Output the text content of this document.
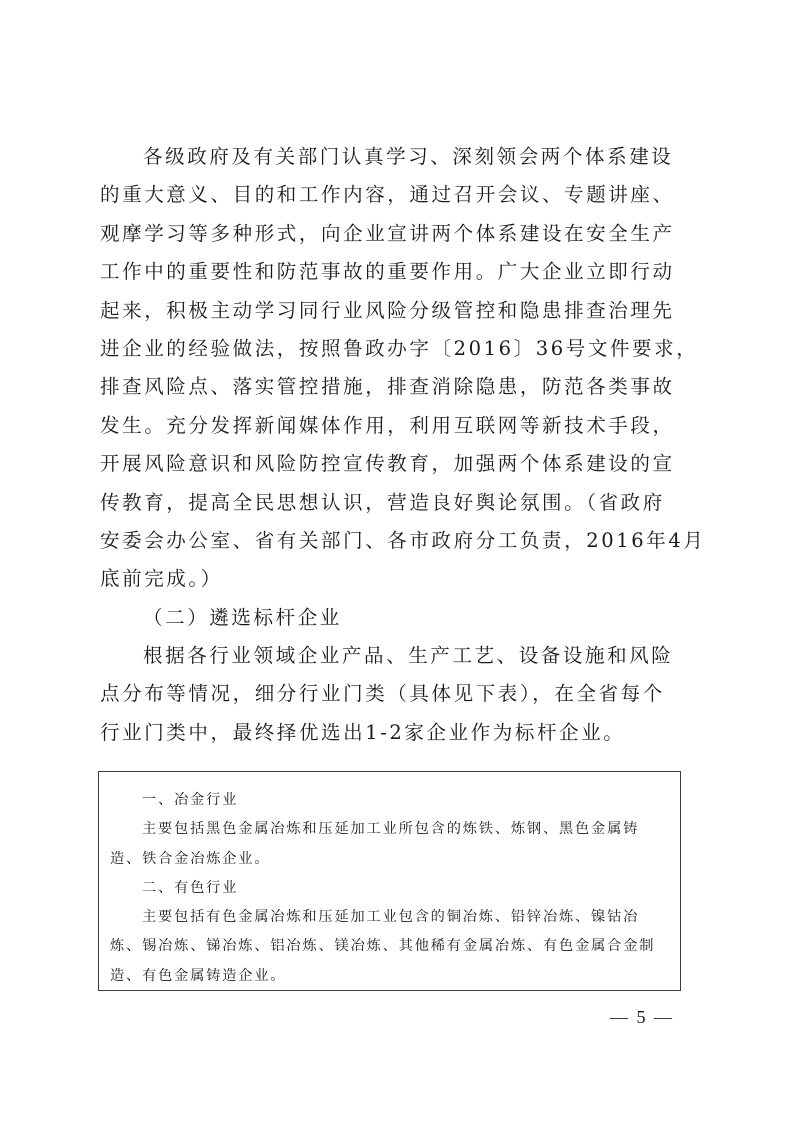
各级政府及有关部门认真学习、深刻领会两个体系建设
的重大意义、目的和工作内容，通过召开会议、专题讲座、
观摩学习等多种形式，向企业宣讲两个体系建设在安全生产
工作中的重要性和防范事故的重要作用。广大企业立即行动
起来，积极主动学习同行业风险分级管控和隐患排查治理先
进企业的经验做法，按照鲁政办字〔2016〕36号文件要求，
排查风险点、落实管控措施，排查消除隐患，防范各类事故
发生。充分发挥新闻媒体作用，利用互联网等新技术手段，
开展风险意识和风险防控宣传教育，加强两个体系建设的宣
传教育，提高全民思想认识，营造良好舆论氛围。（省政府
安委会办公室、省有关部门、各市政府分工负责，2016年4月
底前完成。）
（二）遴选标杆企业
根据各行业领域企业产品、生产工艺、设备设施和风险
点分布等情况，细分行业门类（具体见下表），在全省每个
行业门类中，最终择优选出1-2家企业作为标杆企业。
一、冶金行业
主要包括黑色金属冶炼和压延加工业所包含的炼铁、炼钢、黑色金属铸
造、铁合金冶炼企业。
二、有色行业
主要包括有色金属冶炼和压延加工业包含的铜冶炼、铅锌冶炼、镍钴冶
炼、锡冶炼、锑冶炼、铝冶炼、镁冶炼、其他稀有金属冶炼、有色金属合金制
造、有色金属铸造企业。
— 5 —
